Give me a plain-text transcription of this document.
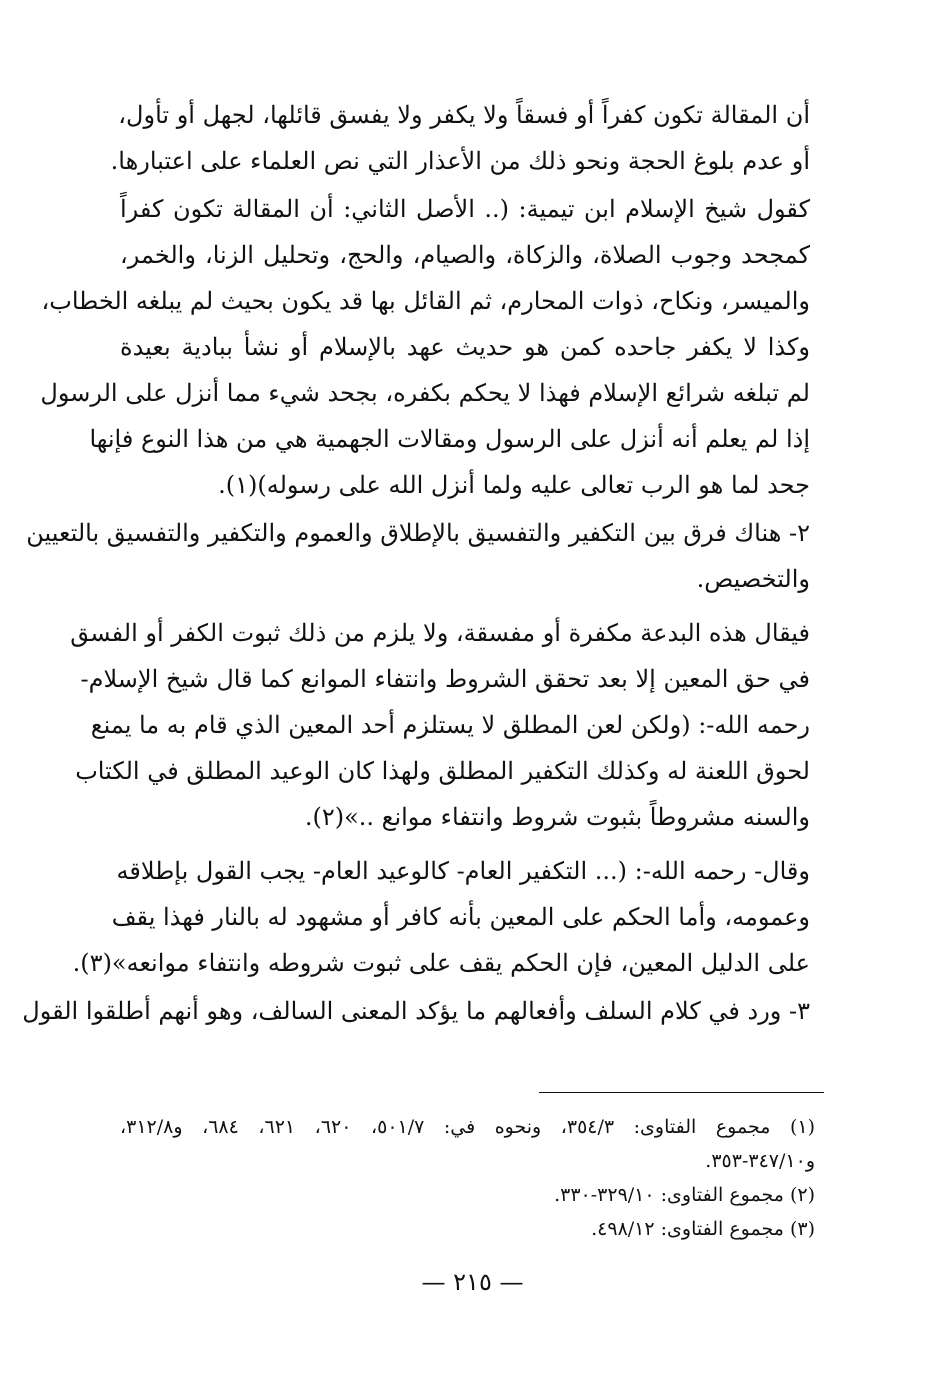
أن المقالة تكون كفراً أو فسقاً ولا يكفر ولا يفسق قائلها، لجهل أو تأول،
أو عدم بلوغ الحجة ونحو ذلك من الأعذار التي نص العلماء على اعتبارها.
كقول شيخ الإسلام ابن تيمية: (.. الأصل الثاني: أن المقالة تكون كفراً
كمجحد وجوب الصلاة، والزكاة، والصيام، والحج، وتحليل الزنا، والخمر،
والميسر، ونكاح، ذوات المحارم، ثم القائل بها قد يكون بحيث لم يبلغه الخطاب،
وكذا لا يكفر جاحده كمن هو حديث عهد بالإسلام أو نشأ ببادية بعيدة
لم تبلغه شرائع الإسلام فهذا لا يحكم بكفره، بجحد شيء مما أنزل على الرسول
إذا لم يعلم أنه أنزل على الرسول ومقالات الجهمية هي من هذا النوع فإنها
جحد لما هو الرب تعالى عليه ولما أنزل الله على رسوله)(١).
٢- هناك فرق بين التكفير والتفسيق بالإطلاق والعموم والتكفير والتفسيق بالتعيين
والتخصيص.
فيقال هذه البدعة مكفرة أو مفسقة، ولا يلزم من ذلك ثبوت الكفر أو الفسق
في حق المعين إلا بعد تحقق الشروط وانتفاء الموانع كما قال شيخ الإسلام-
رحمه الله-: (ولكن لعن المطلق لا يستلزم أحد المعين الذي قام به ما يمنع
لحوق اللعنة له وكذلك التكفير المطلق ولهذا كان الوعيد المطلق في الكتاب
والسنه مشروطاً بثبوت شروط وانتفاء موانع ..»(٢).
وقال- رحمه الله-: (... التكفير العام- كالوعيد العام- يجب القول بإطلاقه
وعمومه، وأما الحكم على المعين بأنه كافر أو مشهود له بالنار فهذا يقف
على الدليل المعين، فإن الحكم يقف على ثبوت شروطه وانتفاء موانعه»(٣).
٣- ورد في كلام السلف وأفعالهم ما يؤكد المعنى السالف، وهو أنهم أطلقوا القول
(١) مجموع الفتاوى: ٣٥٤/٣، ونحوه في: ٥٠١/٧، ٦٢٠، ٦٢١، ٦٨٤، و٣١٢/٨،
و٣٤٧/١٠-٣٥٣.
(٢) مجموع الفتاوى: ٣٢٩/١٠-٣٣٠.
(٣) مجموع الفتاوى: ٤٩٨/١٢.
— ٢١٥ —
